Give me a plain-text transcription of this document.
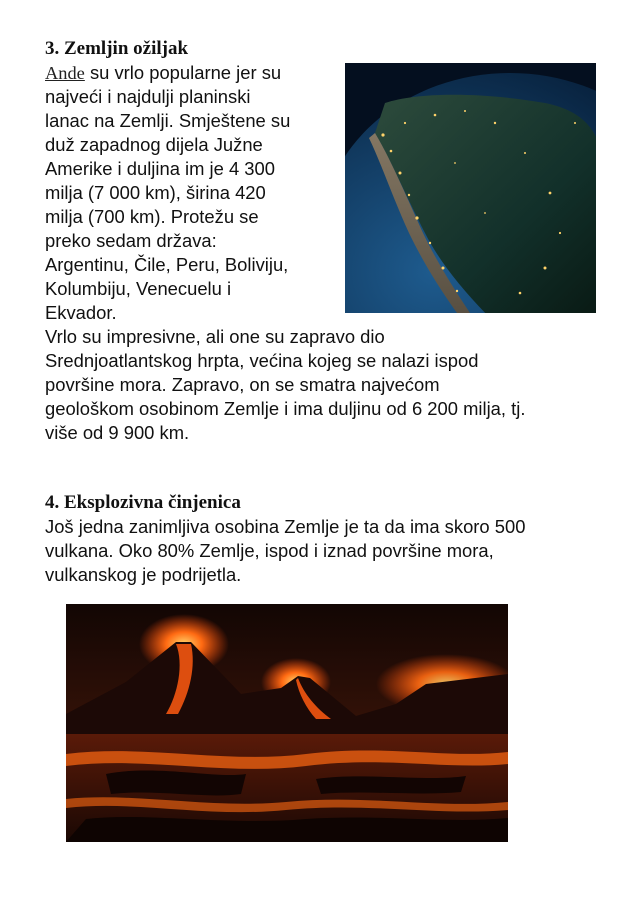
3. Zemljin ožiljak
Ande su vrlo popularne jer su
najveći i najdulji planinski
lanac na Zemlji. Smještene su
duž zapadnog dijela Južne
Amerike i duljina im je 4 300
milja (7 000 km), širina 420
milja (700 km). Protežu se
preko sedam država:
Argentinu, Čile, Peru, Boliviju,
Kolumbiju, Venecuelu i
Ekvador.
Vrlo su impresivne, ali one su zapravo dio
Srednjoatlantskog hrpta, većina kojeg se nalazi ispod
površine mora. Zapravo, on se smatra najvećom
geološkom osobinom Zemlje i ima duljinu od 6 200 milja, tj.
više od 9 900 km.
4. Eksplozivna činjenica
Još jedna zanimljiva osobina Zemlje je ta da ima skoro 500
vulkana. Oko 80% Zemlje, ispod i iznad površine mora,
vulkanskog je podrijetla.
